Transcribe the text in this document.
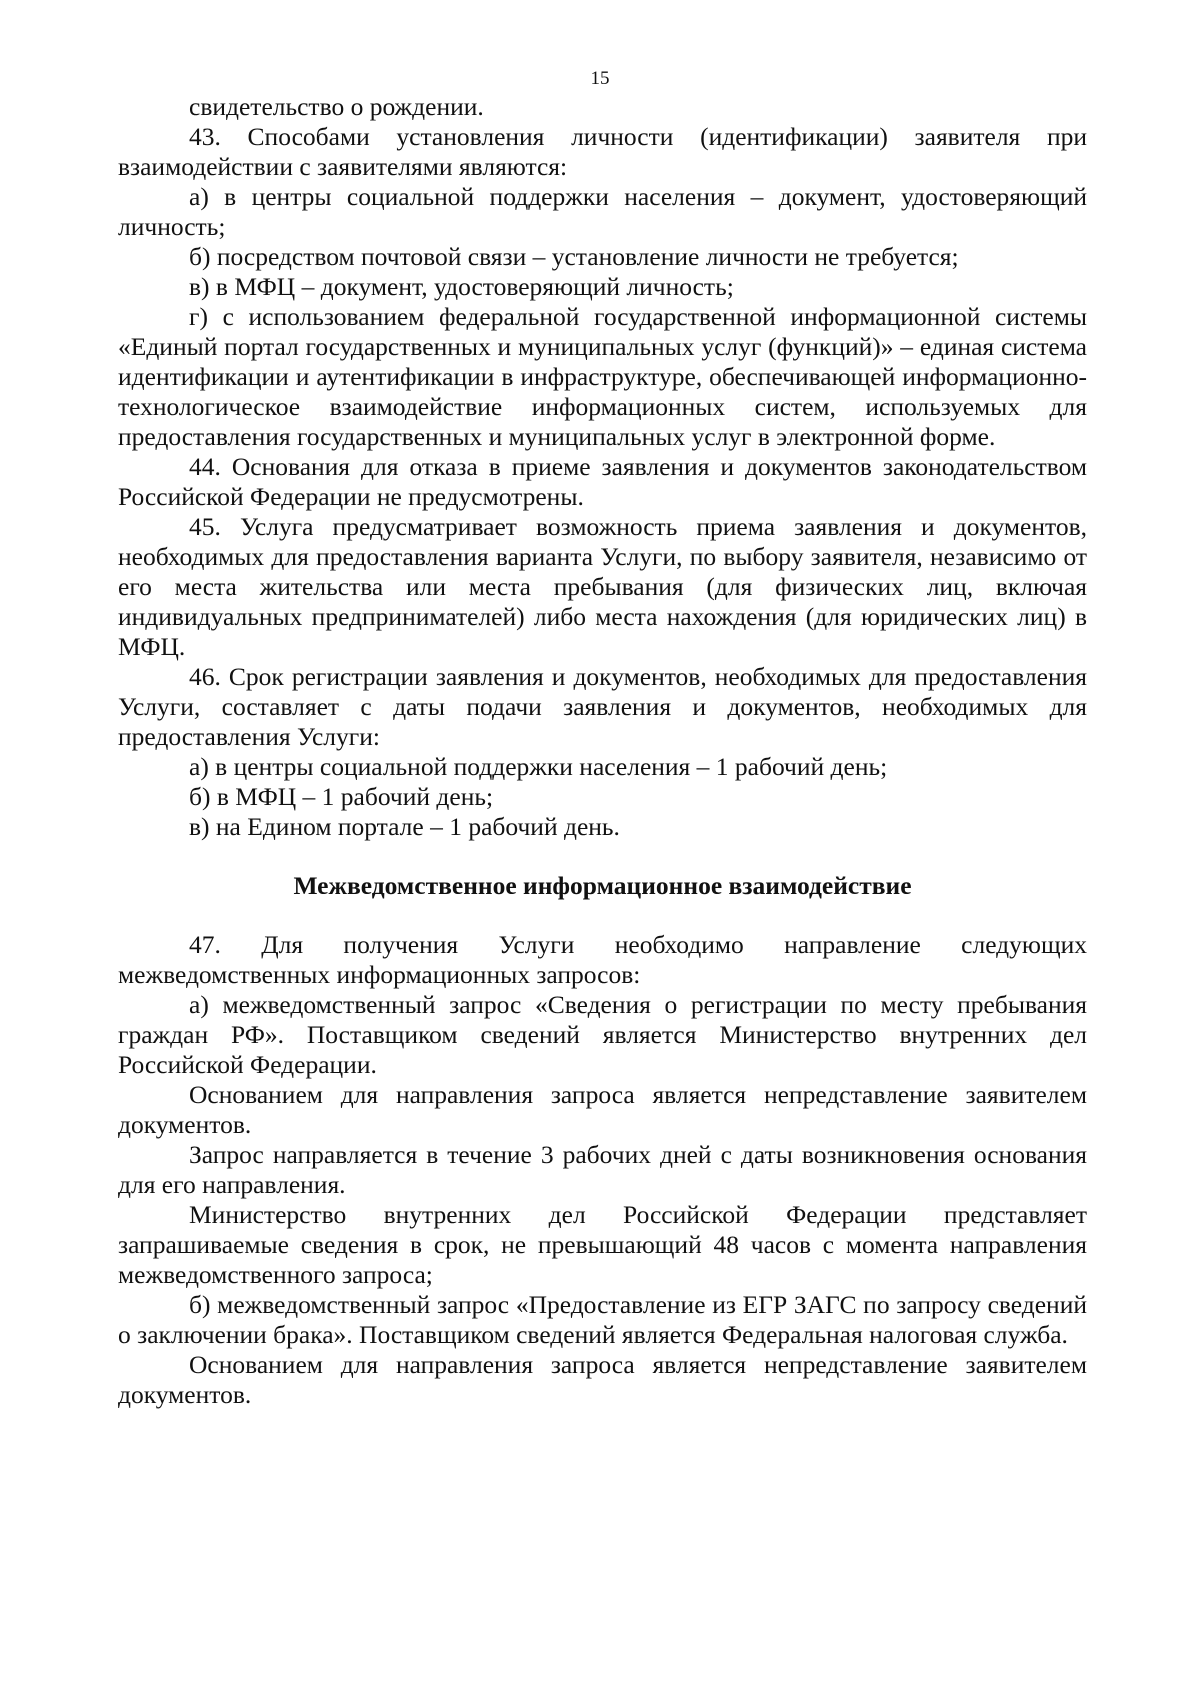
15

свидетельство о рождении.

43. Способами установления личности (идентификации) заявителя при взаимодействии с заявителями являются:

а) в центры социальной поддержки населения – документ, удостоверяющий личность;

б) посредством почтовой связи – установление личности не требуется;

в) в МФЦ – документ, удостоверяющий личность;

г) с использованием федеральной государственной информационной системы «Единый портал государственных и муниципальных услуг (функций)» – единая система идентификации и аутентификации в инфраструктуре, обеспечивающей информационно-технологическое взаимодействие информационных систем, используемых для предоставления государственных и муниципальных услуг в электронной форме.

44. Основания для отказа в приеме заявления и документов законодательством Российской Федерации не предусмотрены.

45. Услуга предусматривает возможность приема заявления и документов, необходимых для предоставления варианта Услуги, по выбору заявителя, независимо от его места жительства или места пребывания (для физических лиц, включая индивидуальных предпринимателей) либо места нахождения (для юридических лиц) в МФЦ.

46. Срок регистрации заявления и документов, необходимых для предоставления Услуги, составляет с даты подачи заявления и документов, необходимых для предоставления Услуги:

а) в центры социальной поддержки населения – 1 рабочий день;

б) в МФЦ – 1 рабочий день;

в) на Едином портале – 1 рабочий день.

Межведомственное информационное взаимодействие

47. Для получения Услуги необходимо направление следующих межведомственных информационных запросов:

а) межведомственный запрос «Сведения о регистрации по месту пребывания граждан РФ». Поставщиком сведений является Министерство внутренних дел Российской Федерации.

Основанием для направления запроса является непредставление заявителем документов.

Запрос направляется в течение 3 рабочих дней с даты возникновения основания для его направления.

Министерство внутренних дел Российской Федерации представляет запрашиваемые сведения в срок, не превышающий 48 часов с момента направления межведомственного запроса;

б) межведомственный запрос «Предоставление из ЕГР ЗАГС по запросу сведений о заключении брака». Поставщиком сведений является Федеральная налоговая служба.

Основанием для направления запроса является непредставление заявителем документов.
